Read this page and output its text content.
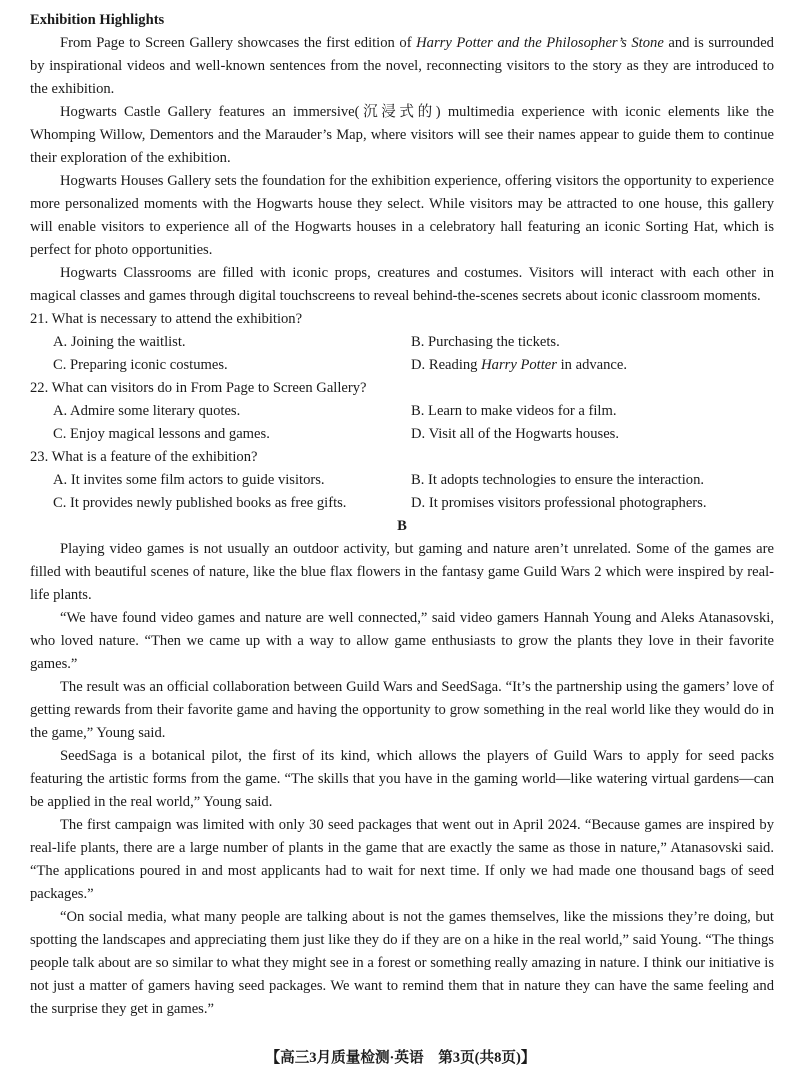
Exhibition Highlights

From Page to Screen Gallery showcases the first edition of Harry Potter and the Philosopher’s Stone and is surrounded by inspirational videos and well-known sentences from the novel, reconnecting visitors to the story as they are introduced to the exhibition.

Hogwarts Castle Gallery features an immersive(沉浸式的) multimedia experience with iconic elements like the Whomping Willow, Dementors and the Marauder’s Map, where visitors will see their names appear to guide them to continue their exploration of the exhibition.

Hogwarts Houses Gallery sets the foundation for the exhibition experience, offering visitors the opportunity to experience more personalized moments with the Hogwarts house they select. While visitors may be attracted to one house, this gallery will enable visitors to experience all of the Hogwarts houses in a celebratory hall featuring an iconic Sorting Hat, which is perfect for photo opportunities.

Hogwarts Classrooms are filled with iconic props, creatures and costumes. Visitors will interact with each other in magical classes and games through digital touchscreens to reveal behind-the-scenes secrets about iconic classroom moments.

21. What is necessary to attend the exhibition?

A. Joining the waitlist.	B. Purchasing the tickets.
C. Preparing iconic costumes.	D. Reading Harry Potter in advance.

22. What can visitors do in From Page to Screen Gallery?

A. Admire some literary quotes.	B. Learn to make videos for a film.
C. Enjoy magical lessons and games.	D. Visit all of the Hogwarts houses.

23. What is a feature of the exhibition?

A. It invites some film actors to guide visitors.	B. It adopts technologies to ensure the interaction.
C. It provides newly published books as free gifts.	D. It promises visitors professional photographers.

B

Playing video games is not usually an outdoor activity, but gaming and nature aren’t unrelated. Some of the games are filled with beautiful scenes of nature, like the blue flax flowers in the fantasy game Guild Wars 2 which were inspired by real-life plants.

“We have found video games and nature are well connected,” said video gamers Hannah Young and Aleks Atanasovski, who loved nature. “Then we came up with a way to allow game enthusiasts to grow the plants they love in their favorite games.”

The result was an official collaboration between Guild Wars and SeedSaga. “It’s the partnership using the gamers’ love of getting rewards from their favorite game and having the opportunity to grow something in the real world like they would do in the game,” Young said.

SeedSaga is a botanical pilot, the first of its kind, which allows the players of Guild Wars to apply for seed packs featuring the artistic forms from the game. “The skills that you have in the gaming world—like watering virtual gardens—can be applied in the real world,” Young said.

The first campaign was limited with only 30 seed packages that went out in April 2024. “Because games are inspired by real-life plants, there are a large number of plants in the game that are exactly the same as those in nature,” Atanasovski said. “The applications poured in and most applicants had to wait for next time. If only we had made one thousand bags of seed packages.”

“On social media, what many people are talking about is not the games themselves, like the missions they’re doing, but spotting the landscapes and appreciating them just like they do if they are on a hike in the real world,” said Young. “The things people talk about are so similar to what they might see in a forest or something really amazing in nature. I think our initiative is not just a matter of gamers having seed packages. We want to remind them that in nature they can have the same feeling and the surprise they get in games.”

【高三3月质量检测·英语　第3页(共8页)】
